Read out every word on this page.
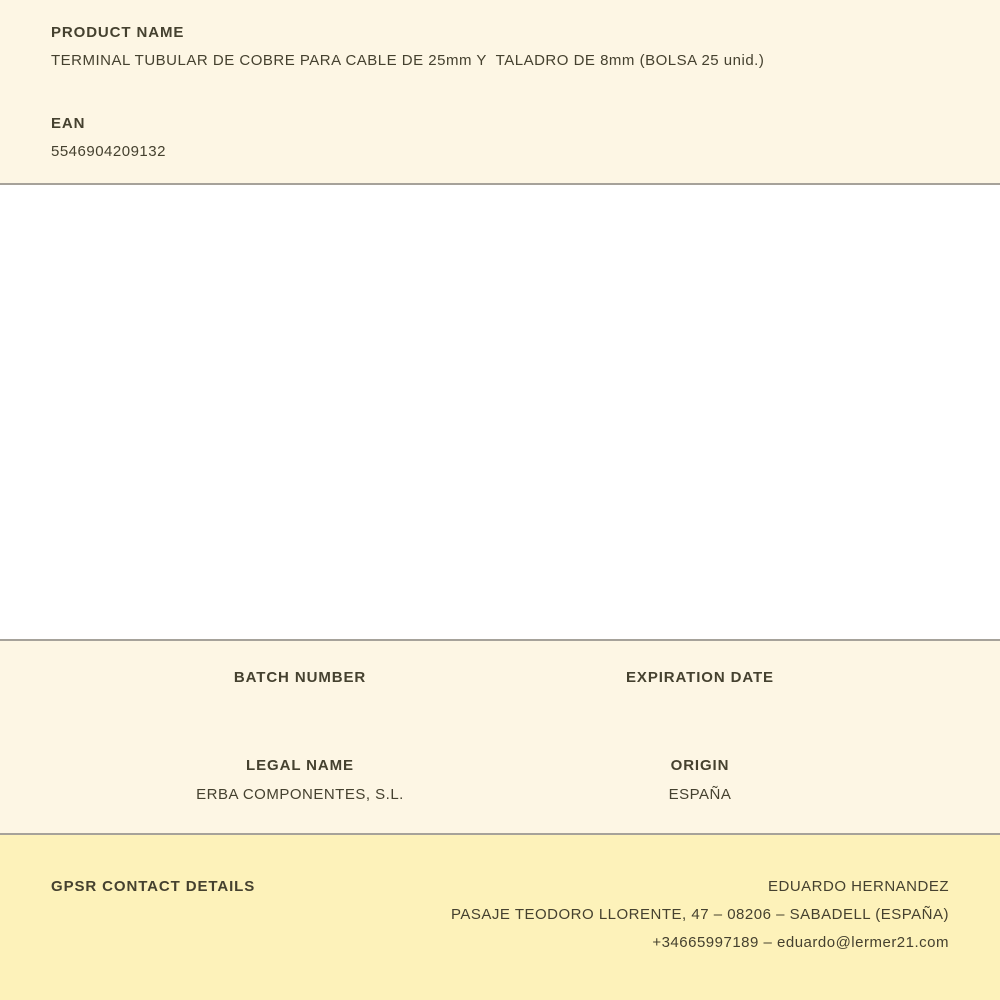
PRODUCT NAME
TERMINAL TUBULAR DE COBRE PARA CABLE DE 25mm Y  TALADRO DE 8mm (BOLSA 25 unid.)
EAN
5546904209132
BATCH NUMBER	EXPIRATION DATE
LEGAL NAME
ERBA COMPONENTES, S.L.
ORIGIN
ESPAÑA
GPSR CONTACT DETAILS	EDUARDO HERNANDEZ
PASAJE TEODORO LLORENTE, 47 – 08206 – SABADELL (ESPAÑA)
+34665997189 – eduardo@lermer21.com
